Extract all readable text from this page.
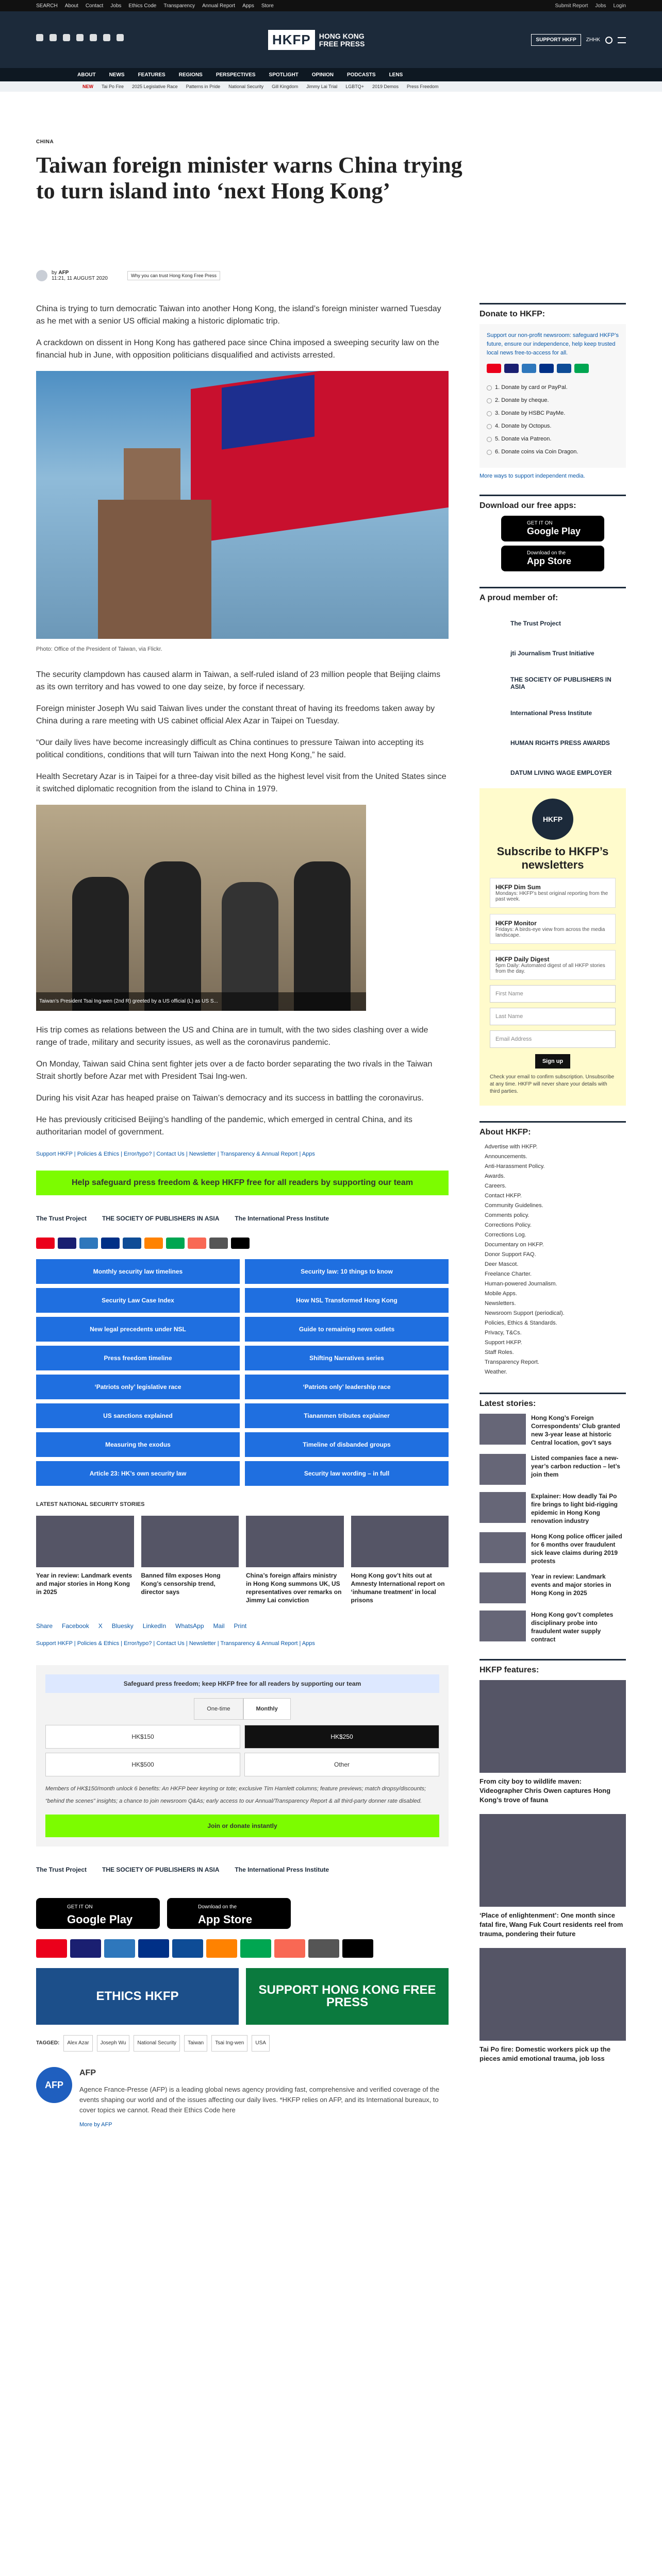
SEARCH About Contact Jobs Ethics Code Transparency Annual Report Apps Store	Submit Report Jobs Login
HKFP	HONG KONG
FREE PRESS	SUPPORT HKFP	ZHHK
ABOUT	NEWS	FEATURES	REGIONS	PERSPECTIVES	SPOTLIGHT	OPINION	PODCASTS	LENS
NEW Tai Po Fire 2025 Legislative Race Patterns in Pride National Security Gill Kingdom Jimmy Lai Trial LGBTQ+ 2019 Demos Press Freedom
CHINA
Taiwan foreign minister warns China trying to turn island into ‘next Hong Kong’
by AFP
11:21, 11 AUGUST 2020	Why you can trust Hong Kong Free Press

China is trying to turn democratic Taiwan into another Hong Kong, the island’s foreign minister warned Tuesday as he met with a senior US official making a historic diplomatic trip.

A crackdown on dissent in Hong Kong has gathered pace since China imposed a sweeping security law on the financial hub in June, with opposition politicians disqualified and activists arrested.

Photo: Office of the President of Taiwan, via Flickr.

The security clampdown has caused alarm in Taiwan, a self-ruled island of 23 million people that Beijing claims as its own territory and has vowed to one day seize, by force if necessary.

Foreign minister Joseph Wu said Taiwan lives under the constant threat of having its freedoms taken away by China during a rare meeting with US cabinet official Alex Azar in Taipei on Tuesday.

“Our daily lives have become increasingly difficult as China continues to pressure Taiwan into accepting its political conditions, conditions that will turn Taiwan into the next Hong Kong,” he said.

Health Secretary Azar is in Taipei for a three-day visit billed as the highest level visit from the United States since it switched diplomatic recognition from the island to China in 1979.

Taiwan’s President Tsai Ing-wen (2nd R) greeted by a US official (L) as US S...

His trip comes as relations between the US and China are in tumult, with the two sides clashing over a wide range of trade, military and security issues, as well as the coronavirus pandemic.

On Monday, Taiwan said China sent fighter jets over a de facto border separating the two rivals in the Taiwan Strait shortly before Azar met with President Tsai Ing-wen.

During his visit Azar has heaped praise on Taiwan’s democracy and its success in battling the coronavirus.

He has previously criticised Beijing’s handling of the pandemic, which emerged in central China, and its authoritarian model of government.

Support HKFP | Policies & Ethics | Error/typo? | Contact Us | Newsletter | Transparency & Annual Report | Apps
Help safeguard press freedom & keep HKFP free for all readers by supporting our team
The Trust Project	THE SOCIETY OF PUBLISHERS IN ASIA	The International Press Institute
Monthly security law timelines	Security law: 10 things to know
Security Law Case Index	How NSL Transformed Hong Kong
New legal precedents under NSL	Guide to remaining news outlets
Press freedom timeline	Shifting Narratives series
‘Patriots only’ legislative race	‘Patriots only’ leadership race
US sanctions explained	Tiananmen tributes explainer
Measuring the exodus	Timeline of disbanded groups
Article 23: HK’s own security law	Security law wording – in full
LATEST NATIONAL SECURITY STORIES
Year in review: Landmark events and major stories in Hong Kong in 2025
Banned film exposes Hong Kong’s censorship trend, director says
China’s foreign affairs ministry in Hong Kong summons UK, US representatives over remarks on Jimmy Lai conviction
Hong Kong gov’t hits out at Amnesty International report on ‘inhumane treatment’ in local prisons
Share Facebook X Bluesky LinkedIn WhatsApp Mail Print
Support HKFP | Policies & Ethics | Error/typo? | Contact Us | Newsletter | Transparency & Annual Report | Apps
Safeguard press freedom; keep HKFP free for all readers by supporting our team
One-time	Monthly
HK$150	HK$250
HK$500	Other
Members of HK$150/month unlock 6 benefits: An HKFP beer keyring or tote; exclusive Tim Hamlett columns; feature previews; match dropsy/discounts; “behind the scenes” insights; a chance to join newsroom Q&As; early access to our Annual/Transparency Report & all third-party donner rate disabled.
Join or donate instantly
The Trust Project	THE SOCIETY OF PUBLISHERS IN ASIA	The International Press Institute
GET IT ON
Google Play
Download on the
App Store
ETHICS HKFP	SUPPORT HONG KONG FREE PRESS
TAGGED:	Alex Azar	Joseph Wu	National Security	Taiwan	Tsai Ing-wen	USA
AFP
AFP
Agence France-Presse (AFP) is a leading global news agency providing fast, comprehensive and verified coverage of the events shaping our world and of the issues affecting our daily lives. *HKFP relies on AFP, and its International bureaux, to cover topics we cannot. Read their Ethics Code here
More by AFP
Donate to HKFP:
Support our non-profit newsroom: safeguard HKFP’s future, ensure our independence, help keep trusted local news free-to-access for all.
1. Donate by card or PayPal.
2. Donate by cheque.
3. Donate by HSBC PayMe.
4. Donate by Octopus.
5. Donate via Patreon.
6. Donate coins via Coin Dragon.
More ways to support independent media.
Download our free apps:
GET IT ON
Google Play
Download on the
App Store
A proud member of:
The Trust Project
jti Journalism Trust Initiative
THE SOCIETY OF PUBLISHERS IN ASIA
International Press Institute
HUMAN RIGHTS PRESS AWARDS
DATUM LIVING WAGE EMPLOYER
HKFP
Subscribe to HKFP’s newsletters
HKFP Dim Sum

Mondays: HKFP’s best original reporting from the past week.

HKFP Monitor

Fridays: A birds-eye view from across the media landscape.

HKFP Daily Digest

5pm Daily: Automated digest of all HKFP stories from the day.

First Name
Last Name
Email Address
Sign up
Check your email to confirm subscription. Unsubscribe at any time. HKFP will never share your details with third parties.
About HKFP:
Advertise with HKFP.
Announcements.
Anti-Harassment Policy.
Awards.
Careers.
Contact HKFP.
Community Guidelines.
Comments policy.
Corrections Policy.
Corrections Log.
Documentary on HKFP.
Donor Support FAQ.
Deer Mascot.
Freelance Charter.
Human-powered Journalism.
Mobile Apps.
Newsletters.
Newsroom Support (periodical).
Policies, Ethics & Standards.
Privacy, T&Cs.
Support HKFP.
Staff Roles.
Transparency Report.
Weather.
Latest stories:
Hong Kong’s Foreign Correspondents’ Club granted new 3-year lease at historic Central location, gov’t says
Listed companies face a new-year’s carbon reduction – let’s join them
Explainer: How deadly Tai Po fire brings to light bid-rigging epidemic in Hong Kong renovation industry
Hong Kong police officer jailed for 6 months over fraudulent sick leave claims during 2019 protests
Year in review: Landmark events and major stories in Hong Kong in 2025
Hong Kong gov’t completes disciplinary probe into fraudulent water supply contract
HKFP features:
From city boy to wildlife maven: Videographer Chris Owen captures Hong Kong’s trove of fauna
‘Place of enlightenment’: One month since fatal fire, Wang Fuk Court residents reel from trauma, pondering their future
Tai Po fire: Domestic workers pick up the pieces amid emotional trauma, job loss
